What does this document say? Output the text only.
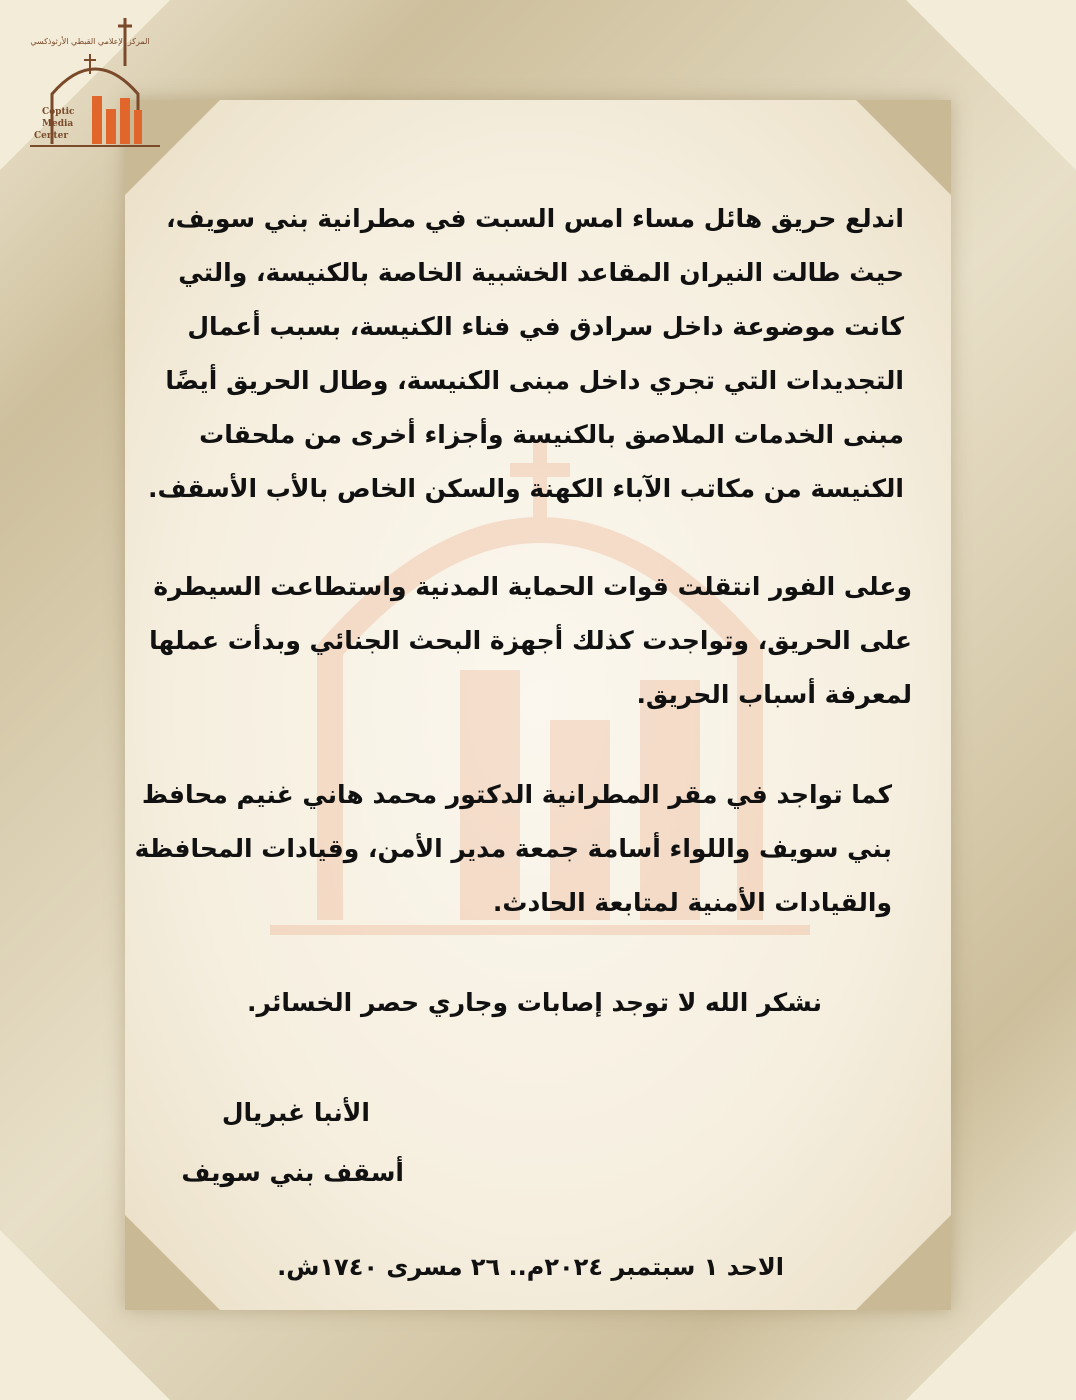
المركز الإعلامي القبطي الأرثوذكسي
Coptic
Media
Center
اندلع حريق هائل مساء امس السبت في مطرانية بني سويف،
حيث طالت النيران المقاعد الخشبية الخاصة بالكنيسة، والتي
كانت موضوعة داخل سرادق في فناء الكنيسة، بسبب أعمال
التجديدات التي تجري داخل مبنى الكنيسة، وطال الحريق أيضًا
مبنى الخدمات الملاصق بالكنيسة وأجزاء أخرى من ملحقات
الكنيسة من مكاتب الآباء الكهنة والسكن الخاص بالأب الأسقف.
وعلى الفور انتقلت قوات الحماية المدنية واستطاعت السيطرة
على الحريق، وتواجدت كذلك أجهزة البحث الجنائي وبدأت عملها
لمعرفة أسباب الحريق.
كما تواجد في مقر المطرانية الدكتور محمد هاني غنيم محافظ
بني سويف واللواء أسامة جمعة مدير الأمن، وقيادات المحافظة
والقيادات الأمنية لمتابعة الحادث.
نشكر الله لا توجد إصابات وجاري حصر الخسائر.
الأنبا غبريال
أسقف بني سويف
الاحد ١ سبتمبر ٢٠٢٤م.. ٢٦ مسرى ١٧٤٠ش.
